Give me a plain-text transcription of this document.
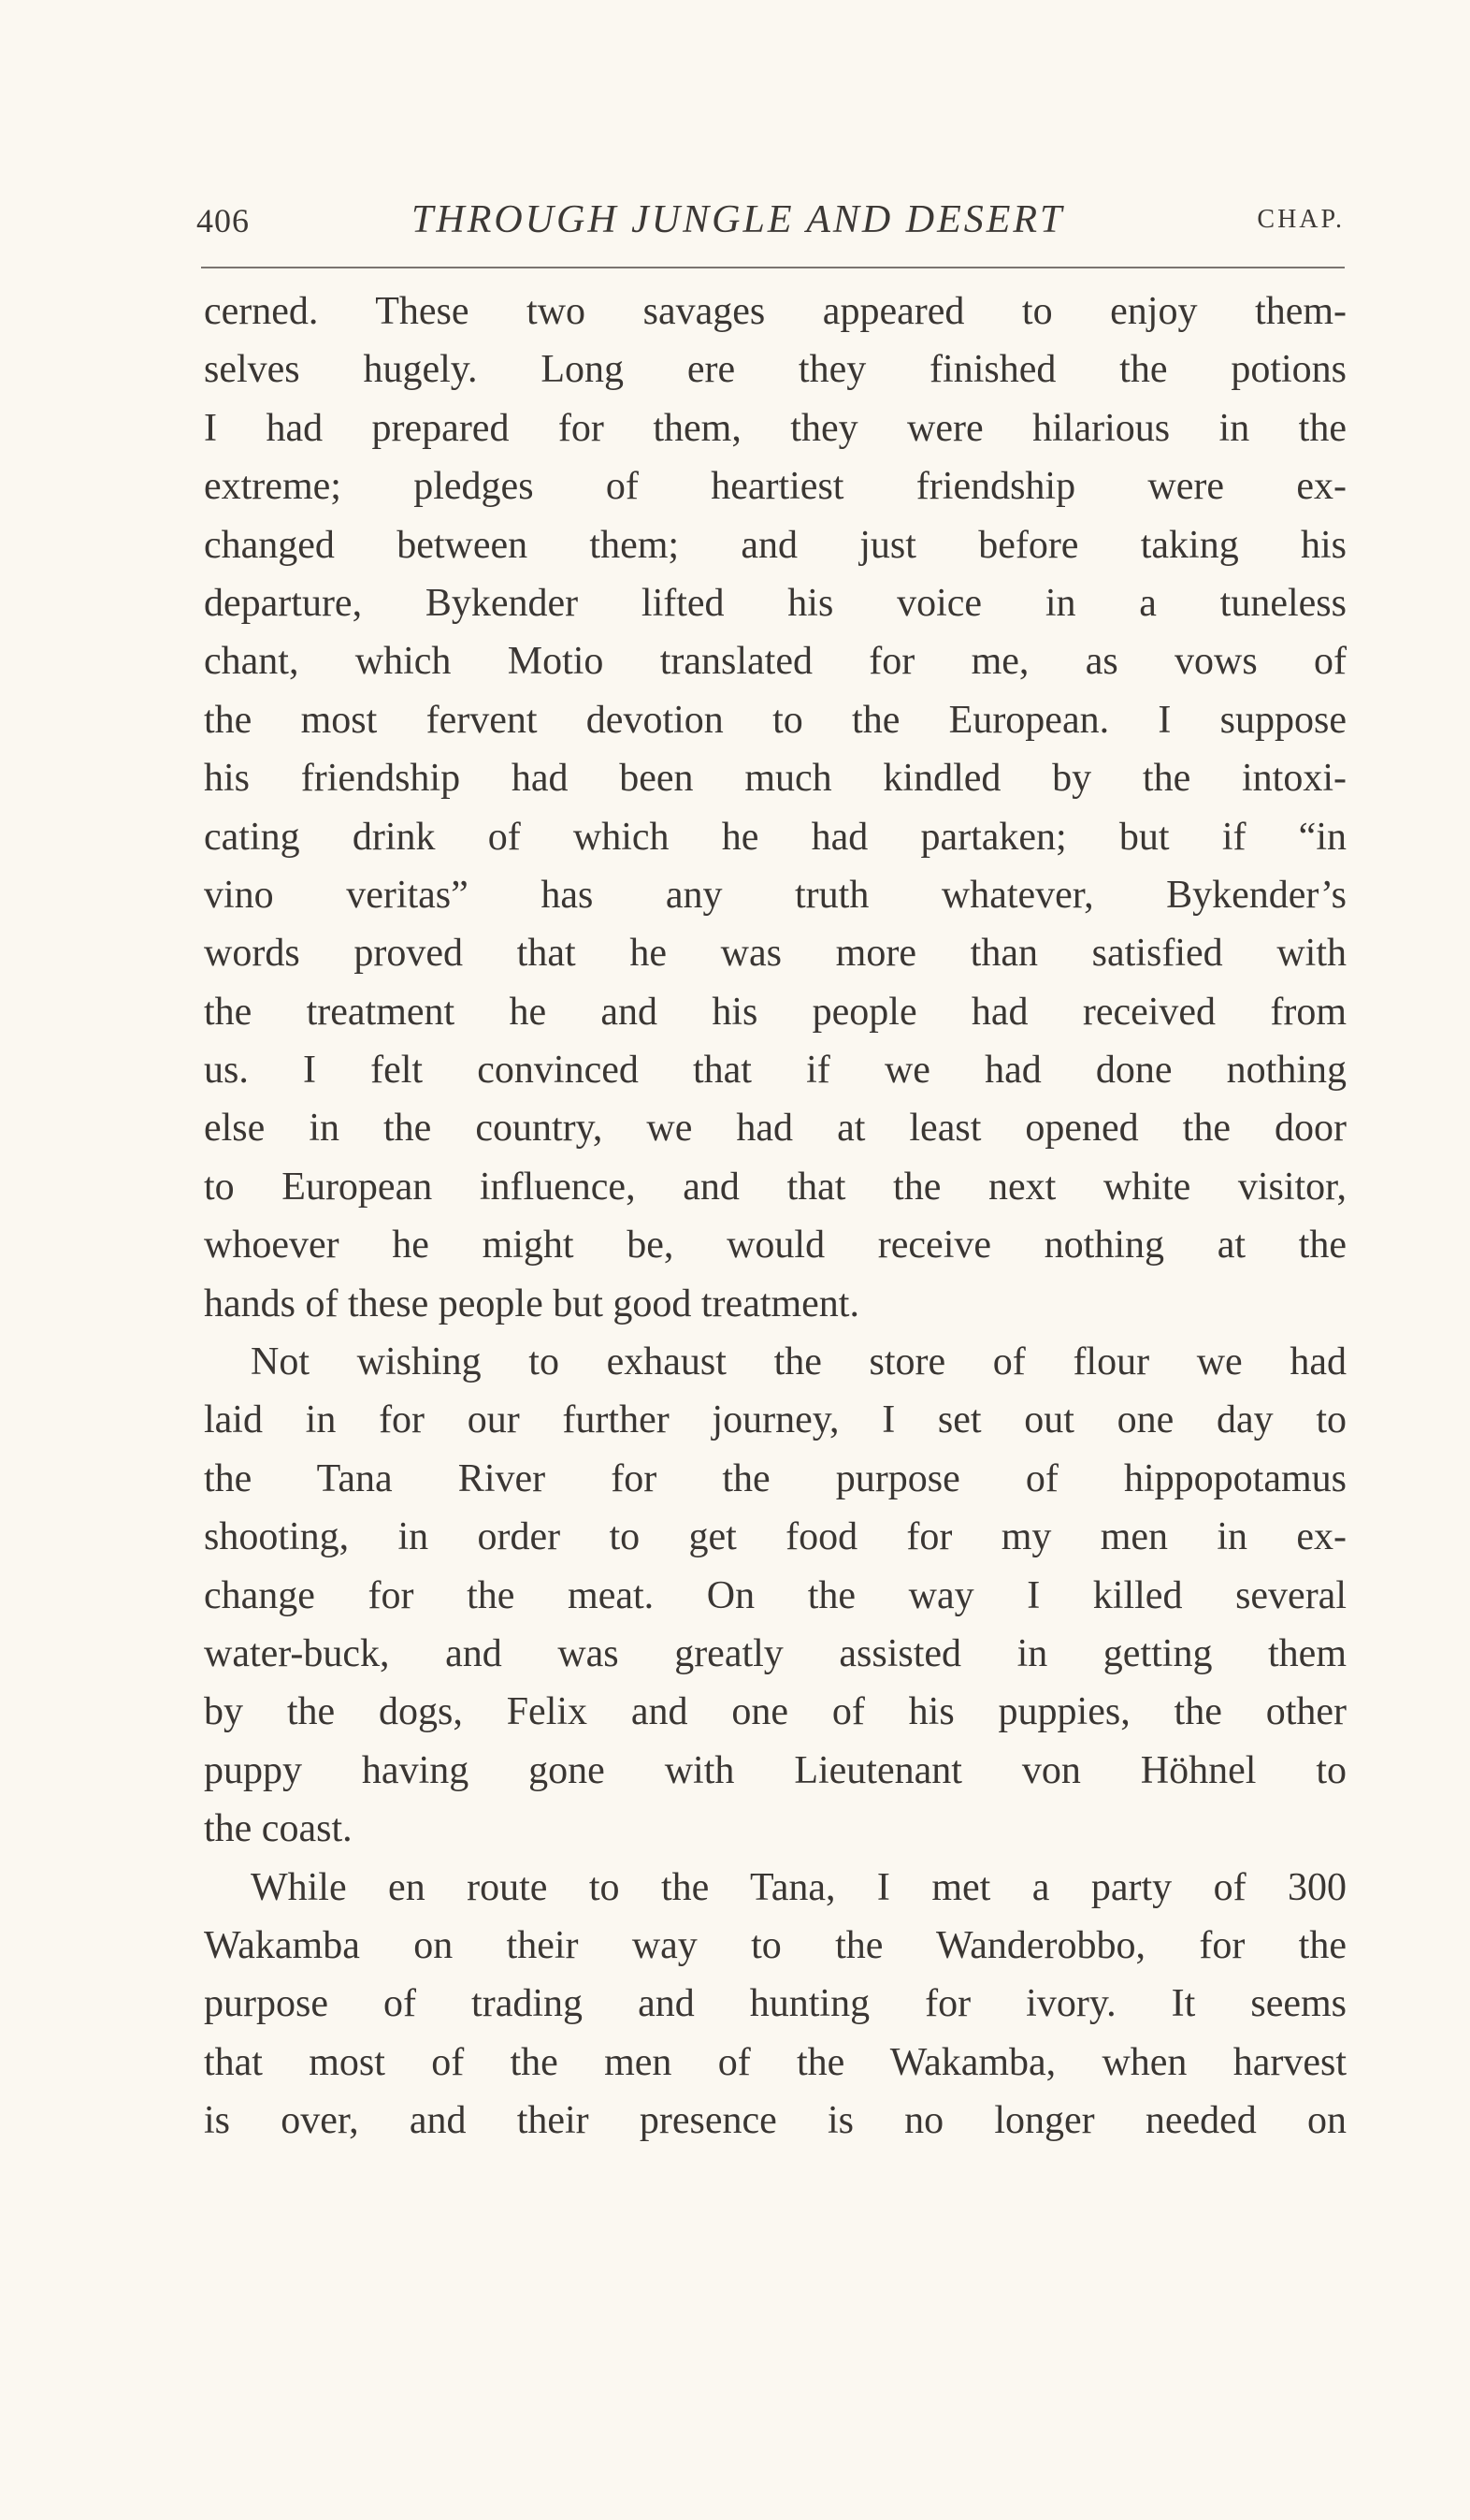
406	THROUGH JUNGLE AND DESERT	CHAP.
cerned. These two savages appeared to enjoy them-
selves hugely. Long ere they finished the potions
I had prepared for them, they were hilarious in the
extreme; pledges of heartiest friendship were ex-
changed between them; and just before taking his
departure, Bykender lifted his voice in a tuneless
chant, which Motio translated for me, as vows of
the most fervent devotion to the European. I suppose
his friendship had been much kindled by the intoxi-
cating drink of which he had partaken; but if “in
vino veritas” has any truth whatever, Bykender’s
words proved that he was more than satisfied with
the treatment he and his people had received from
us. I felt convinced that if we had done nothing
else in the country, we had at least opened the door
to European influence, and that the next white visitor,
whoever he might be, would receive nothing at the
hands of these people but good treatment.
Not wishing to exhaust the store of flour we had
laid in for our further journey, I set out one day to
the Tana River for the purpose of hippopotamus
shooting, in order to get food for my men in ex-
change for the meat. On the way I killed several
water-buck, and was greatly assisted in getting them
by the dogs, Felix and one of his puppies, the other
puppy having gone with Lieutenant von Höhnel to
the coast.
While en route to the Tana, I met a party of 300
Wakamba on their way to the Wanderobbo, for the
purpose of trading and hunting for ivory. It seems
that most of the men of the Wakamba, when harvest
is over, and their presence is no longer needed on
